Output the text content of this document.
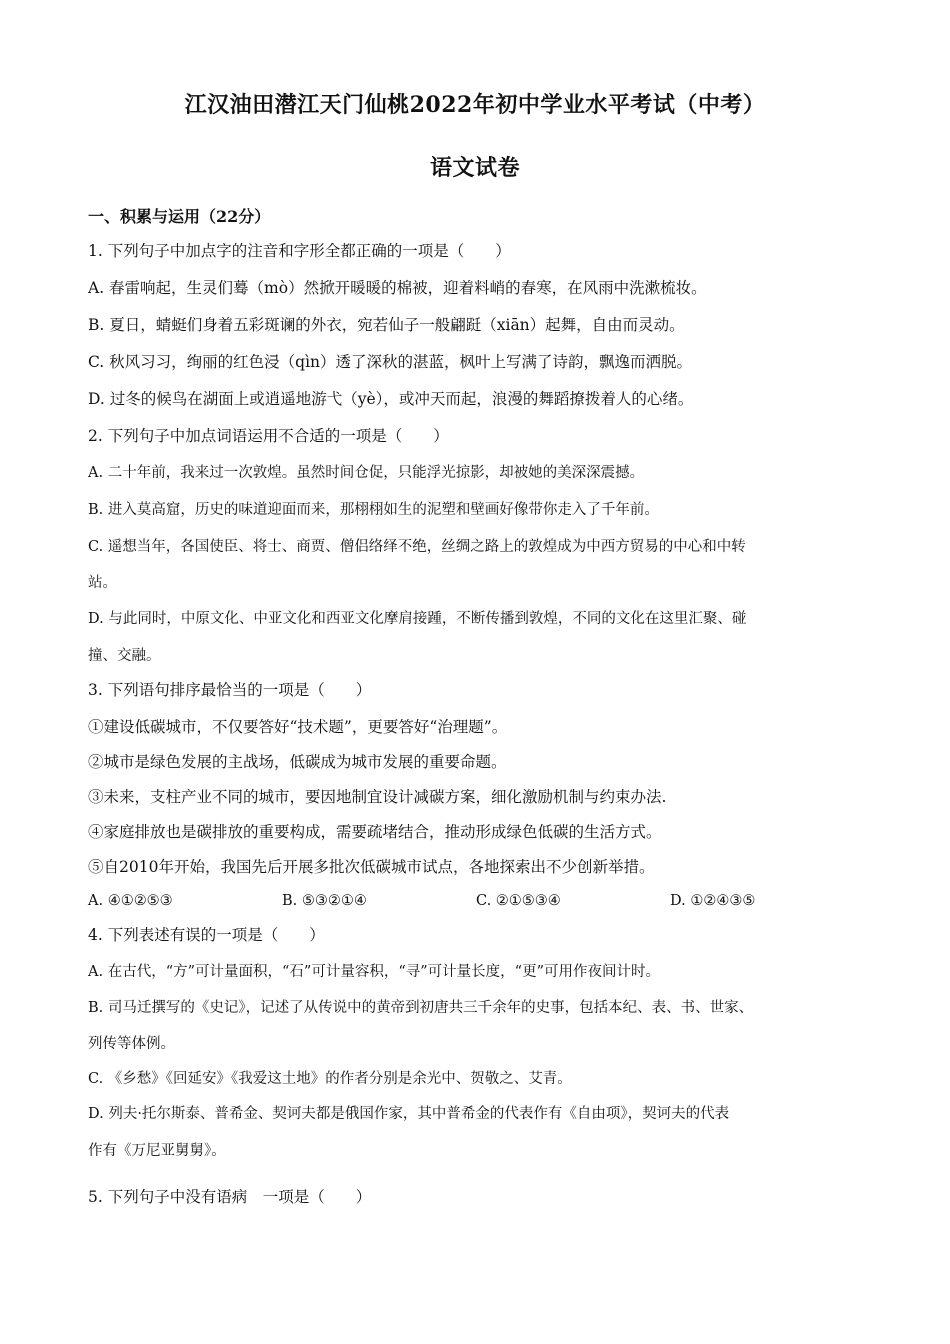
江汉油田潜江天门仙桃2022年初中学业水平考试（中考）
语文试卷
一、积累与运用（22分）
1. 下列句子中加点字的注音和字形全都正确的一项是（　　）
A. 春雷响起，生灵们蓦（mò）然掀开暖暖的棉被，迎着料峭的春寒，在风雨中洗漱梳妆。
B. 夏日，蜻蜓们身着五彩斑谰的外衣，宛若仙子一般翩跹（xiān）起舞，自由而灵动。
C. 秋风习习，绚丽的红色浸（qìn）透了深秋的湛蓝，枫叶上写满了诗韵，飘逸而洒脱。
D. 过冬的候鸟在湖面上或逍遥地游弋（yè），或冲天而起，浪漫的舞蹈撩拨着人的心绪。
2. 下列句子中加点词语运用不合适的一项是（　　）
A. 二十年前，我来过一次敦煌。虽然时间仓促，只能浮光掠影，却被她的美深深震撼。
B. 进入莫高窟，历史的味道迎面而来，那栩栩如生的泥塑和壁画好像带你走入了千年前。
C. 遥想当年，各国使臣、将士、商贾、僧侣络绎不绝，丝绸之路上的敦煌成为中西方贸易的中心和中转
站。
D. 与此同时，中原文化、中亚文化和西亚文化摩肩接踵，不断传播到敦煌，不同的文化在这里汇聚、碰
撞、交融。
3. 下列语句排序最恰当的一项是（　　）
①建设低碳城市，不仅要答好“技术题”，更要答好“治理题”。
②城市是绿色发展的主战场，低碳成为城市发展的重要命题。
③未来，支柱产业不同的城市，要因地制宜设计减碳方案，细化激励机制与约束办法.
④家庭排放也是碳排放的重要构成，需要疏堵结合，推动形成绿色低碳的生活方式。
⑤自2010年开始，我国先后开展多批次低碳城市试点，各地探索出不少创新举措。
A. ④①②⑤③	B. ⑤③②①④	C. ②①⑤③④	D. ①②④③⑤
4. 下列表述有误的一项是（　　）
A. 在古代，“方”可计量面积，“石”可计量容积，“寻”可计量长度，“更”可用作夜间计时。
B. 司马迁撰写的《史记》，记述了从传说中的黄帝到初唐共三千余年的史事，包括本纪、表、书、世家、
列传等体例。
C. 《乡愁》《回延安》《我爱这土地》的作者分别是余光中、贺敬之、艾青。
D. 列夫·托尔斯泰、普希金、契诃夫都是俄国作家，其中普希金的代表作有《自由项》，契诃夫的代表
作有《万尼亚舅舅》。
5. 下列句子中没有语病　一项是（　　）
